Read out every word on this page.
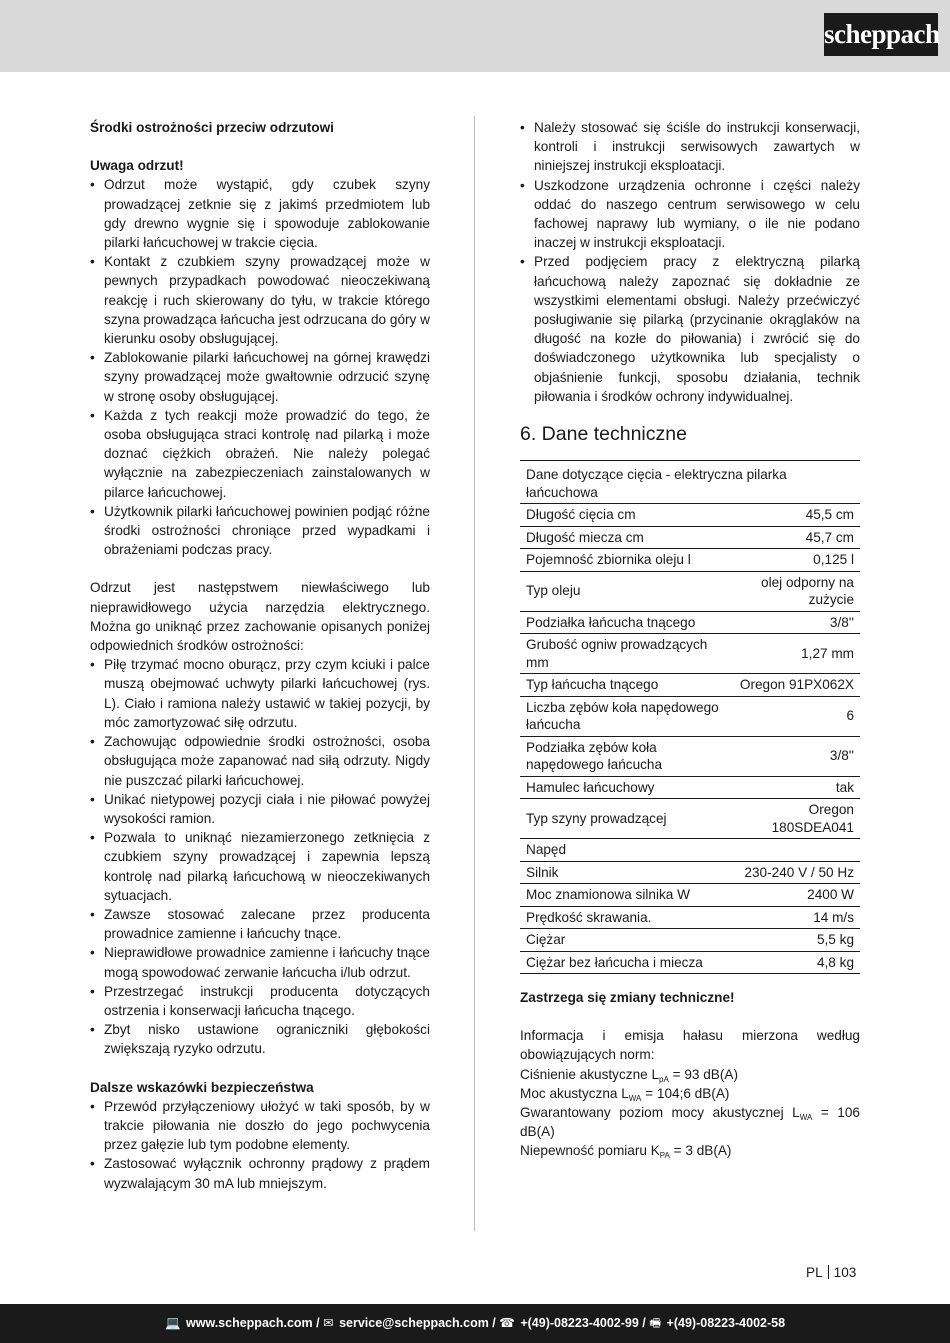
scheppach
Środki ostrożności przeciw odrzutowi
Uwaga odrzut!
• Odrzut może wystąpić, gdy czubek szyny prowadzącej zetknie się z jakimś przedmiotem lub gdy drewno wygnie się i spowoduje zablokowanie pilarki łańcuchowej w trakcie cięcia.
• Kontakt z czubkiem szyny prowadzącej może w pewnych przypadkach powodować nieoczekiwaną reakcję i ruch skierowany do tyłu, w trakcie którego szyna prowadząca łańcucha jest odrzucana do góry w kierunku osoby obsługującej.
• Zablokowanie pilarki łańcuchowej na górnej krawędzi szyny prowadzącej może gwałtownie odrzucić szynę w stronę osoby obsługującej.
• Każda z tych reakcji może prowadzić do tego, że osoba obsługująca straci kontrolę nad pilarką i może doznać ciężkich obrażeń. Nie należy polegać wyłącznie na zabezpieczeniach zainstalowanych w pilarce łańcuchowej.
• Użytkownik pilarki łańcuchowej powinien podjąć różne środki ostrożności chroniące przed wypadkami i obrażeniami podczas pracy.
Odrzut jest następstwem niewłaściwego lub nieprawidłowego użycia narzędzia elektrycznego. Można go uniknąć przez zachowanie opisanych poniżej odpowiednich środków ostrożności:
• Piłę trzymać mocno oburącz, przy czym kciuki i palce muszą obejmować uchwyty pilarki łańcuchowej (rys. L). Ciało i ramiona należy ustawić w takiej pozycji, by móc zamortyzować siłę odrzutu.
• Zachowując odpowiednie środki ostrożności, osoba obsługująca może zapanować nad siłą odrzuty. Nigdy nie puszczać pilarki łańcuchowej.
• Unikać nietypowej pozycji ciała i nie piłować powyżej wysokości ramion.
• Pozwala to uniknąć niezamierzonego zetknięcia z czubkiem szyny prowadzącej i zapewnia lepszą kontrolę nad pilarką łańcuchową w nieoczekiwanych sytuacjach.
• Zawsze stosować zalecane przez producenta prowadnice zamienne i łańcuchy tnące.
• Nieprawidłowe prowadnice zamienne i łańcuchy tnące mogą spowodować zerwanie łańcucha i/lub odrzut.
• Przestrzegać instrukcji producenta dotyczących ostrzenia i konserwacji łańcucha tnącego.
• Zbyt nisko ustawione ograniczniki głębokości zwiększają ryzyko odrzutu.
Dalsze wskazówki bezpieczeństwa
• Przewód przyłączeniowy ułożyć w taki sposób, by w trakcie piłowania nie doszło do jego pochwycenia przez gałęzie lub tym podobne elementy.
• Zastosować wyłącznik ochronny prądowy z prądem wyzwalającym 30 mA lub mniejszym.
• Należy stosować się ściśle do instrukcji konserwacji, kontroli i instrukcji serwisowych zawartych w niniejszej instrukcji eksploatacji.
• Uszkodzone urządzenia ochronne i części należy oddać do naszego centrum serwisowego w celu fachowej naprawy lub wymiany, o ile nie podano inaczej w instrukcji eksploatacji.
• Przed podjęciem pracy z elektryczną pilarką łańcuchową należy zapoznać się dokładnie ze wszystkimi elementami obsługi. Należy przećwiczyć posługiwanie się pilarką (przycinanie okrąglaków na długość na kozłe do piłowania) i zwrócić się do doświadczonego użytkownika lub specjalisty o objaśnienie funkcji, sposobu działania, technik piłowania i środków ochrony indywidualnej.
6. Dane techniczne
Dane dotyczące cięcia - elektryczna pilarka łańcuchowa	
Długość cięcia cm	45,5 cm
Długość miecza cm	45,7 cm
Pojemność zbiornika oleju l	0,125 l
Typ oleju	olej odporny na zużycie
Podziałka łańcucha tnącego	3/8''
Grubość ogniw prowadzących mm	1,27 mm
Typ łańcucha tnącego	Oregon 91PX062X
Liczba zębów koła napędowego łańcucha	6
Podziałka zębów koła napędowego łańcucha	3/8''
Hamulec łańcuchowy	tak
Typ szyny prowadzącej	Oregon 180SDEA041
Napęd	
Silnik	230-240 V / 50 Hz
Moc znamionowa silnika W	2400 W
Prędkość skrawania.	14 m/s
Ciężar	5,5 kg
Ciężar bez łańcucha i miecza	4,8 kg
Zastrzega się zmiany techniczne!
Informacja i emisja hałasu mierzona według obowiązujących norm:
Ciśnienie akustyczne $L_{pA} = 93$ dB(A)
Moc akustyczna $L_{WA}$ = 104;6 dB(A)
Gwarantowany poziom mocy akustycznej $L_{WA} = 106$ dB(A)
Niepewność pomiaru $K_{PA} = 3$ dB(A)
PL 103
💻 www.scheppach.com / ✉ service@scheppach.com / ☎ +(49)-08223-4002-99 / 🖷 +(49)-08223-4002-58
